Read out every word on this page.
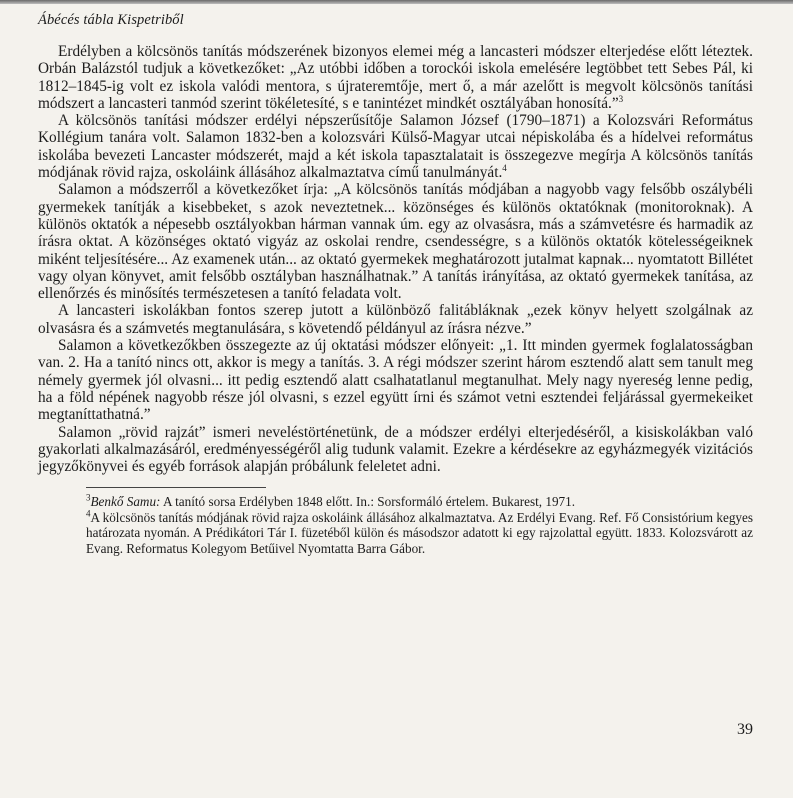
Ábécés tábla Kispetriből

Erdélyben a kölcsönös tanítás módszerének bizonyos elemei még a lancasteri módszer elterjedése előtt léteztek. Orbán Balázstól tudjuk a következőket: „Az utóbbi időben a torockói iskola emelésére legtöbbet tett Sebes Pál, ki 1812–1845-ig volt ez iskola valódi mentora, s újrateremtője, mert ő, a már azelőtt is megvolt kölcsönös tanítási módszert a lancasteri tanmód szerint tökéletesíté, s e tanintézet mindkét osztályában honosítá.”$^3$

A kölcsönös tanítási módszer erdélyi népszerűsítője Salamon József (1790–1871) a Kolozsvári Református Kollégium tanára volt. Salamon 1832-ben a kolozsvári Külső-Magyar utcai népiskolába és a hídelvei református iskolába bevezeti Lancaster módszerét, majd a két iskola tapasztalatait is összegezve megírja A kölcsönös tanítás módjának rövid rajza, oskoláink állásához alkalmaztatva című tanulmányát.$^4$

Salamon a módszerről a következőket írja: „A kölcsönös tanítás módjában a nagyobb vagy felsőbb oszálybéli gyermekek tanítják a kisebbeket, s azok neveztetnek... közönséges és különös oktatóknak (monitoroknak). A különös oktatók a népesebb osztályokban hárman vannak úm. egy az olvasásra, más a számvetésre és harmadik az írásra oktat. A közönséges oktató vigyáz az oskolai rendre, csendességre, s a különös oktatók kötelességeiknek miként teljesítésére... Az examenek után... az oktató gyermekek meghatározott jutalmat kapnak... nyomtatott Billétet vagy olyan könyvet, amit felsőbb osztályban használhatnak.” A tanítás irányítása, az oktató gyermekek tanítása, az ellenőrzés és minősítés természetesen a tanító feladata volt.

A lancasteri iskolákban fontos szerep jutott a különböző falitábláknak „ezek könyv helyett szolgálnak az olvasásra és a számvetés megtanulására, s követendő példányul az írásra nézve.”

Salamon a következőkben összegezte az új oktatási módszer előnyeit: „1. Itt minden gyermek foglalatosságban van. 2. Ha a tanító nincs ott, akkor is megy a tanítás. 3. A régi módszer szerint három esztendő alatt sem tanult meg némely gyermek jól olvasni... itt pedig esztendő alatt csalhatatlanul megtanulhat. Mely nagy nyereség lenne pedig, ha a föld népének nagyobb része jól olvasni, s ezzel együtt írni és számot vetni esztendei feljárással gyermekeiket megtaníttathatná.”

Salamon „rövid rajzát” ismeri neveléstörténetünk, de a módszer erdélyi elterjedéséről, a kisiskolákban való gyakorlati alkalmazásáról, eredményességéről alig tudunk valamit. Ezekre a kérdésekre az egyházmegyék vizitációs jegyzőkönyvei és egyéb források alapján próbálunk feleletet adni.

$^3$Benkő Samu: A tanító sorsa Erdélyben 1848 előtt. In.: Sorsformáló értelem. Bukarest, 1971.

$^4$A kölcsönös tanítás módjának rövid rajza oskoláink állásához alkalmaztatva. Az Erdélyi Evang. Ref. Fő Consistórium kegyes határozata nyomán. A Prédikátori Tár I. füzetéből külön és másodszor adatott ki egy rajzolattal együtt. 1833. Kolozsvárott az Evang. Reformatus Kolegyom Betűivel Nyomtatta Barra Gábor.

39
